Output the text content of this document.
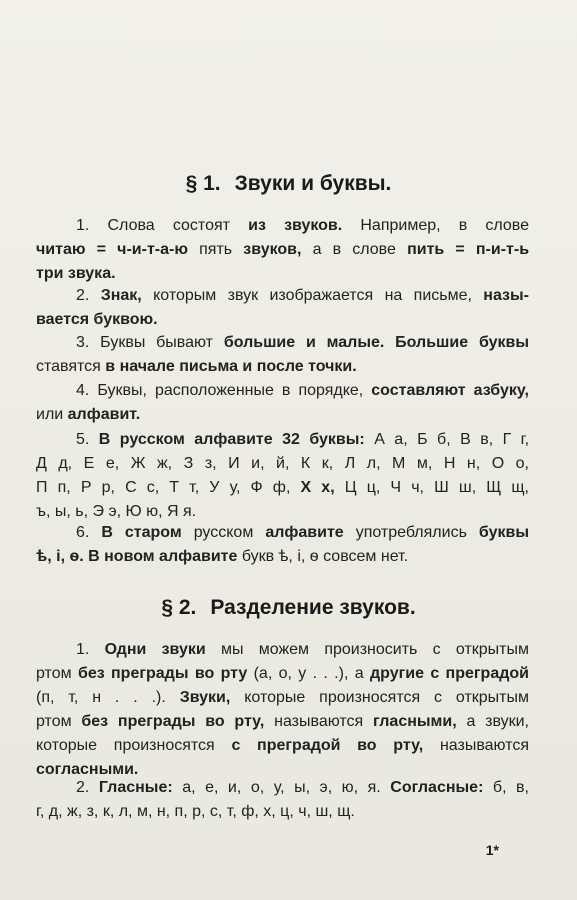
§ 1. Звуки и буквы.
1. Слова состоят из звуков. Например, в слове
читаю = ч-и-т-а-ю пять звуков, а в слове пить = п-и-т-ь
три звука.
2. Знак, которым звук изображается на письме, назы-
вается буквою.
3. Буквы бывают большие и малые. Большие буквы
ставятся в начале письма и после точки.
4. Буквы, расположенные в порядке, составляют азбуку,
или алфавит.
5. В русском алфавите 32 буквы: А а, Б б, В в, Г г,
Д д, Е е, Ж ж, З з, И и, й, К к, Л л, М м, Н н, О о,
П п, Р р, С с, Т т, У у, Ф ф, Х х, Ц ц, Ч ч, Ш ш, Щ щ,
ъ, ы, ь, Э э, Ю ю, Я я.
6. В старом русском алфавите употреблялись буквы
ѣ, і, ѳ. В новом алфавите букв ѣ, і, ѳ совсем нет.
§ 2. Разделение звуков.
1. Одни звуки мы можем произносить с открытым
ртом без преграды во рту (а, о, у . . .), а другие с преградой
(п, т, н . . .). Звуки, которые произносятся с открытым
ртом без преграды во рту, называются гласными, а звуки,
которые произносятся с преградой во рту, называются
согласными.
2. Гласные: а, е, и, о, у, ы, э, ю, я. Согласные: б, в,
г, д, ж, з, к, л, м, н, п, р, с, т, ф, х, ц, ч, ш, щ.
1*
